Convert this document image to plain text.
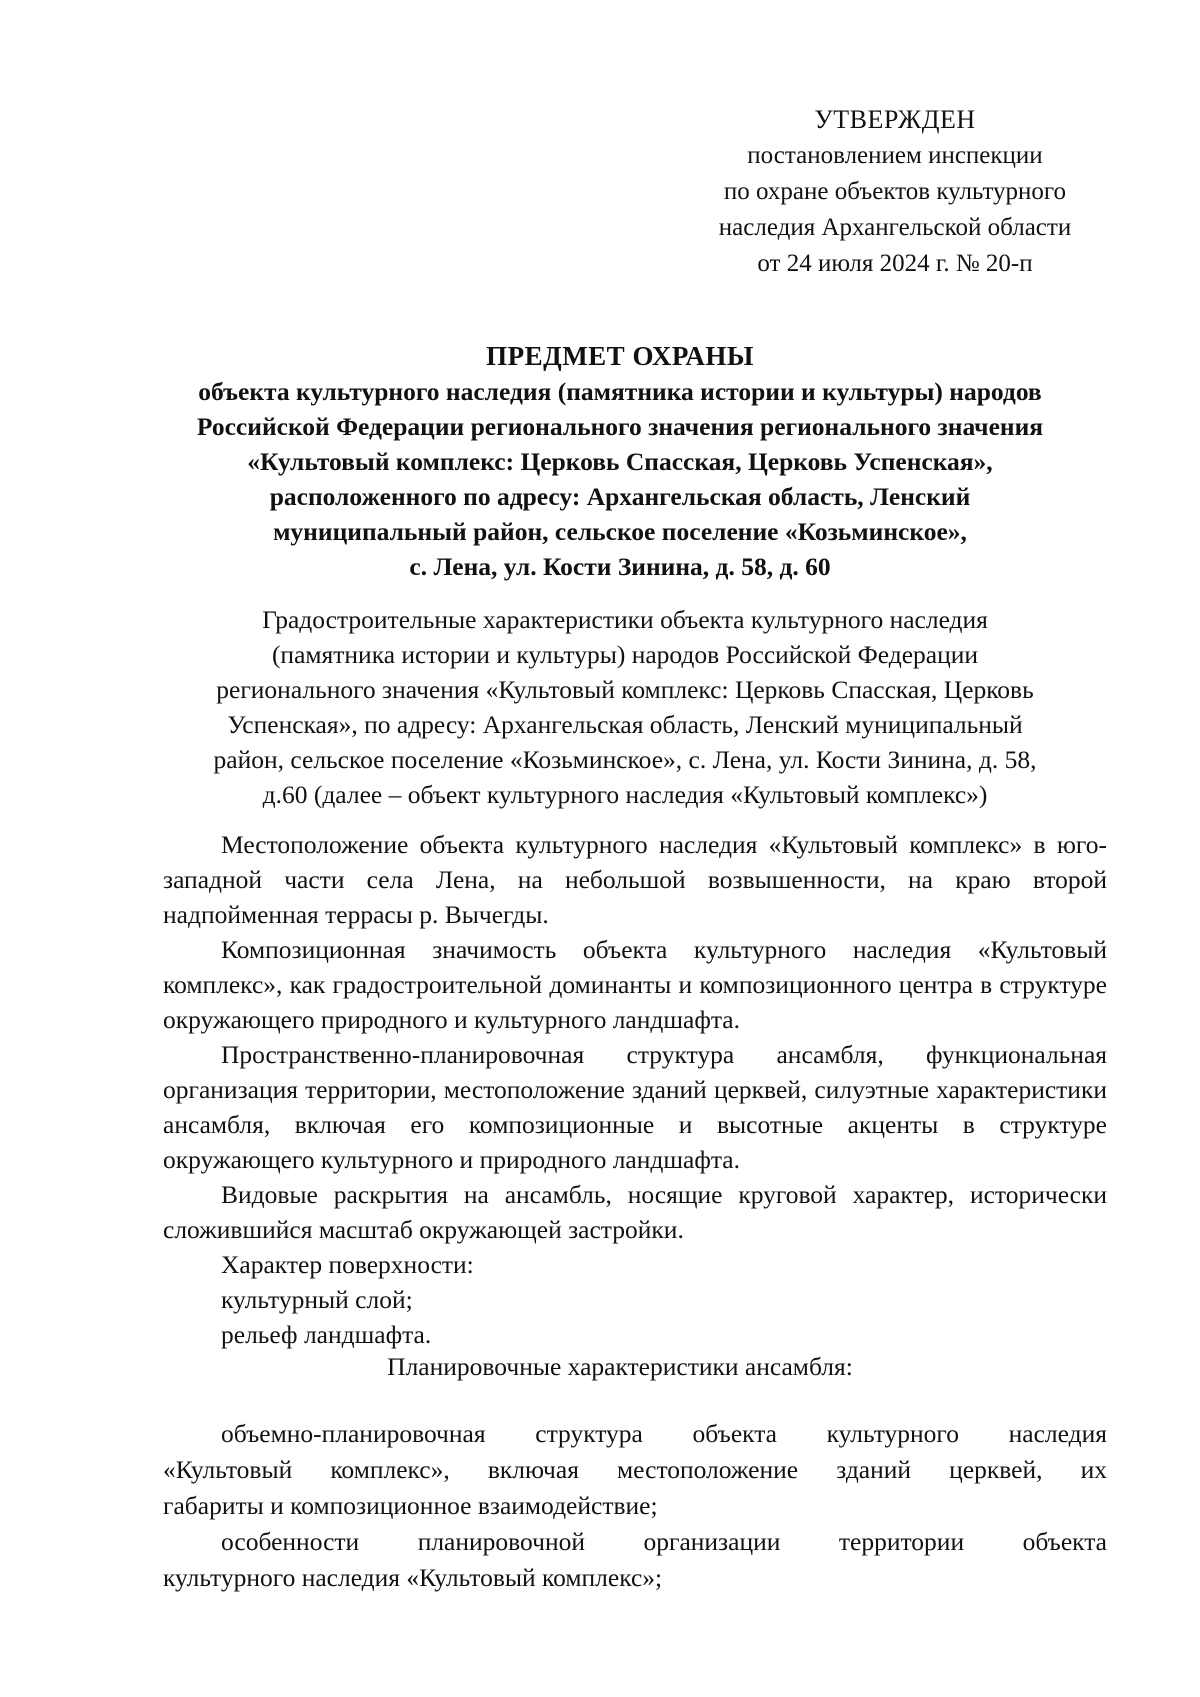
УТВЕРЖДЕН
постановлением инспекции
по охране объектов культурного
наследия Архангельской области
от 24 июля 2024 г. № 20-п
ПРЕДМЕТ ОХРАНЫ
объекта культурного наследия (памятника истории и культуры) народов
Российской Федерации регионального значения регионального значения
«Культовый комплекс: Церковь Спасская, Церковь Успенская»,
расположенного по адресу: Архангельская область, Ленский
муниципальный район, сельское поселение «Козьминское»,
с. Лена, ул. Кости Зинина, д. 58, д. 60
Градостроительные характеристики объекта культурного наследия
(памятника истории и культуры) народов Российской Федерации
регионального значения «Культовый комплекс: Церковь Спасская, Церковь
Успенская», по адресу: Архангельская область, Ленский муниципальный
район, сельское поселение «Козьминское», с. Лена, ул. Кости Зинина, д. 58,
д.60 (далее – объект культурного наследия «Культовый комплекс»)

Местоположение объекта культурного наследия «Культовый комплекс» в юго-западной части села Лена, на небольшой возвышенности, на краю второй надпойменная террасы р. Вычегды.

Композиционная значимость объекта культурного наследия «Культовый комплекс», как градостроительной доминанты и композиционного центра в структуре окружающего природного и культурного ландшафта.

Пространственно-планировочная структура ансамбля, функциональная организация территории, местоположение зданий церквей, силуэтные характеристики ансамбля, включая его композиционные и высотные акценты в структуре окружающего культурного и природного ландшафта.

Видовые раскрытия на ансамбль, носящие круговой характер, исторически сложившийся масштаб окружающей застройки.

Характер поверхности:

культурный слой;

рельеф ландшафта.

Планировочные характеристики ансамбля:
объемно-планировочная структура объекта культурного наследия
«Культовый комплекс», включая местоположение зданий церквей, их
габариты и композиционное взаимодействие;
особенности планировочной организации территории объекта
культурного наследия «Культовый комплекс»;
